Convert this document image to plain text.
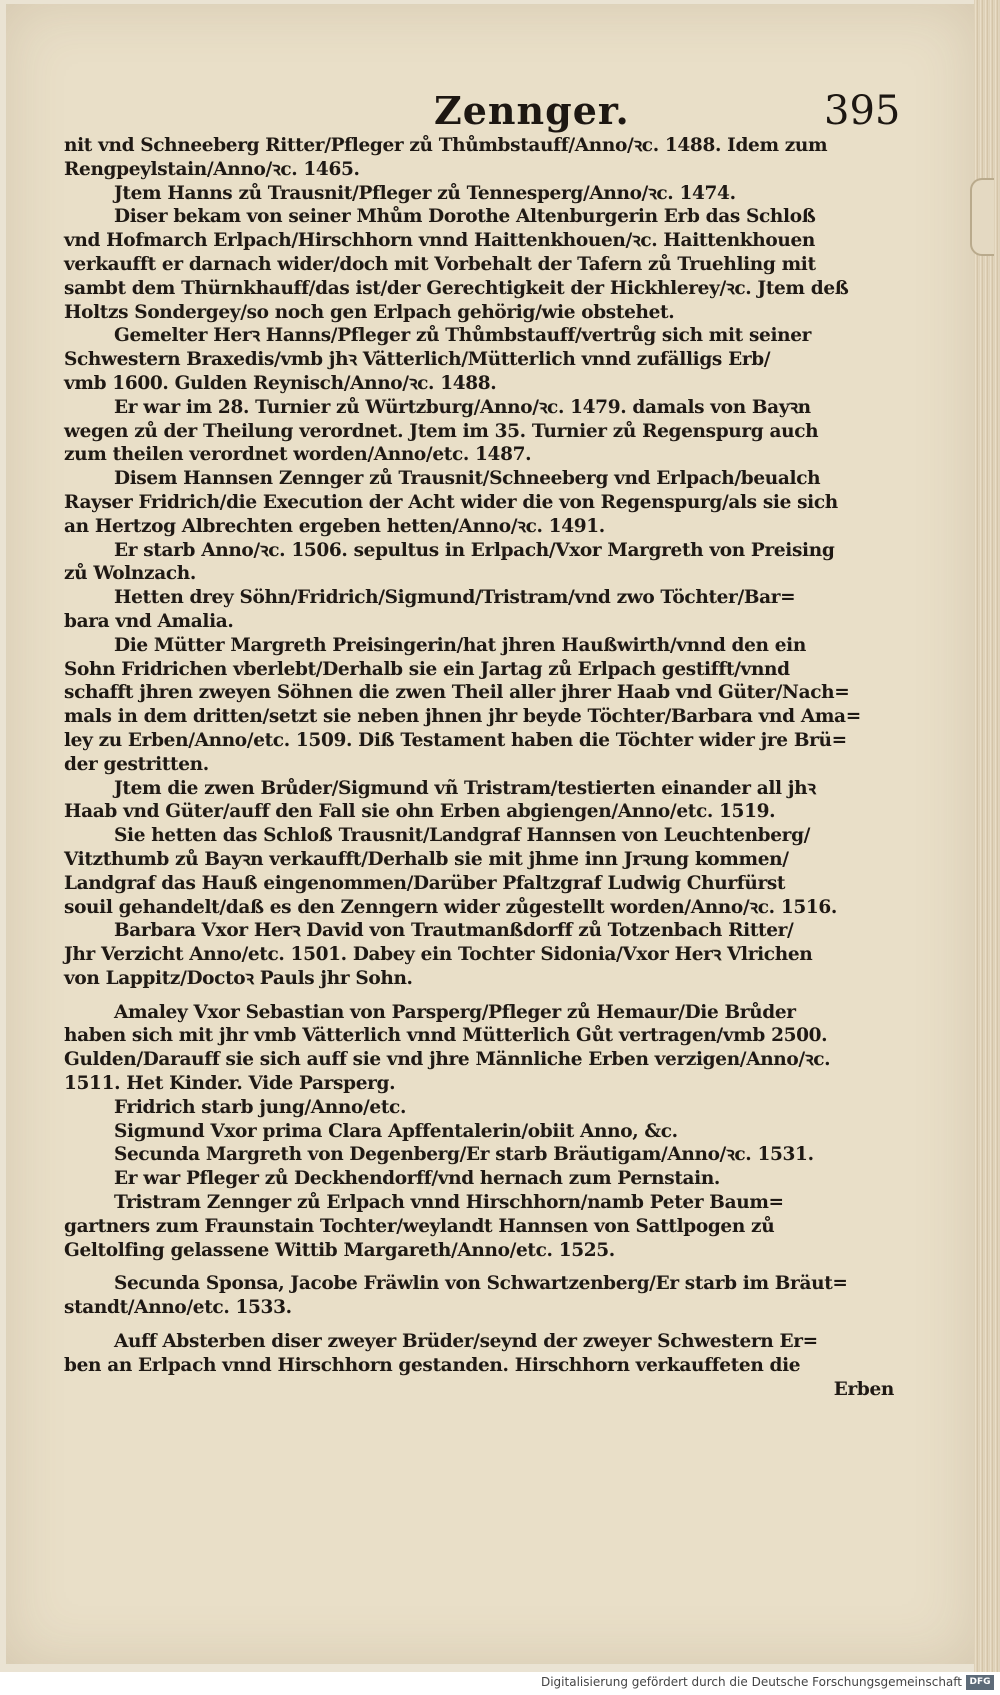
Zennger.	395
nit vnd Schneeberg Ritter/Pfleger zů Thůmbstauff/Anno/ꝛc. 1488. Idem zum
Rengpeylstain/Anno/ꝛc. 1465.
Jtem Hanns zů Trausnit/Pfleger zů Tennesperg/Anno/ꝛc. 1474.
Diser bekam von seiner Mhům Dorothe Altenburgerin Erb das Schloß
vnd Hofmarch Erlpach/Hirschhorn vnnd Haittenkhouen/ꝛc. Haittenkhouen
verkaufft er darnach wider/doch mit Vorbehalt der Tafern zů Truehling mit
sambt dem Thürnkhauff/das ist/der Gerechtigkeit der Hickhlerey/ꝛc. Jtem deß
Holtzs Sondergey/so noch gen Erlpach gehörig/wie obstehet.
Gemelter Herꝛ Hanns/Pfleger zů Thůmbstauff/vertrůg sich mit seiner
Schwestern Braxedis/vmb jhꝛ Vätterlich/Mütterlich vnnd zufälligs Erb/
vmb 1600. Gulden Reynisch/Anno/ꝛc. 1488.
Er war im 28. Turnier zů Würtzburg/Anno/ꝛc. 1479. damals von Bayꝛn
wegen zů der Theilung verordnet. Jtem im 35. Turnier zů Regenspurg auch
zum theilen verordnet worden/Anno/etc. 1487.
Disem Hannsen Zennger zů Trausnit/Schneeberg vnd Erlpach/beualch
Rayser Fridrich/die Execution der Acht wider die von Regenspurg/als sie sich
an Hertzog Albrechten ergeben hetten/Anno/ꝛc. 1491.
Er starb Anno/ꝛc. 1506. sepultus in Erlpach/Vxor Margreth von Preising
zů Wolnzach.
Hetten drey Söhn/Fridrich/Sigmund/Tristram/vnd zwo Töchter/Bar=
bara vnd Amalia.
Die Mütter Margreth Preisingerin/hat jhren Haußwirth/vnnd den ein
Sohn Fridrichen vberlebt/Derhalb sie ein Jartag zů Erlpach gestifft/vnnd
schafft jhren zweyen Söhnen die zwen Theil aller jhrer Haab vnd Güter/Nach=
mals in dem dritten/setzt sie neben jhnen jhr beyde Töchter/Barbara vnd Ama=
ley zu Erben/Anno/etc. 1509. Diß Testament haben die Töchter wider jre Brü=
der gestritten.
Jtem die zwen Brůder/Sigmund vñ Tristram/testierten einander all jhꝛ
Haab vnd Güter/auff den Fall sie ohn Erben abgiengen/Anno/etc. 1519.
Sie hetten das Schloß Trausnit/Landgraf Hannsen von Leuchtenberg/
Vitzthumb zů Bayꝛn verkaufft/Derhalb sie mit jhme inn Jrꝛung kommen/
Landgraf das Hauß eingenommen/Darüber Pfaltzgraf Ludwig Churfürst
souil gehandelt/daß es den Zenngern wider zůgestellt worden/Anno/ꝛc. 1516.
Barbara Vxor Herꝛ David von Trautmanßdorff zů Totzenbach Ritter/
Jhr Verzicht Anno/etc. 1501. Dabey ein Tochter Sidonia/Vxor Herꝛ Vlrichen
von Lappitz/Doctoꝛ Pauls jhr Sohn.
Amaley Vxor Sebastian von Parsperg/Pfleger zů Hemaur/Die Brůder
haben sich mit jhr vmb Vätterlich vnnd Mütterlich Gůt vertragen/vmb 2500.
Gulden/Darauff sie sich auff sie vnd jhre Männliche Erben verzigen/Anno/ꝛc.
1511. Het Kinder. Vide Parsperg.
Fridrich starb jung/Anno/etc.
Sigmund Vxor prima Clara Apffentalerin/obiit Anno, &c.
Secunda Margreth von Degenberg/Er starb Bräutigam/Anno/ꝛc. 1531.
Er war Pfleger zů Deckhendorff/vnd hernach zum Pernstain.
Tristram Zennger zů Erlpach vnnd Hirschhorn/namb Peter Baum=
gartners zum Fraunstain Tochter/weylandt Hannsen von Sattlpogen zů
Geltolfing gelassene Wittib Margareth/Anno/etc. 1525.
Secunda Sponsa, Jacobe Fräwlin von Schwartzenberg/Er starb im Bräut=
standt/Anno/etc. 1533.
Auff Absterben diser zweyer Brüder/seynd der zweyer Schwestern Er=
ben an Erlpach vnnd Hirschhorn gestanden. Hirschhorn verkauffeten die
Erben
Digitalisierung gefördert durch die Deutsche Forschungsgemeinschaft DFG
